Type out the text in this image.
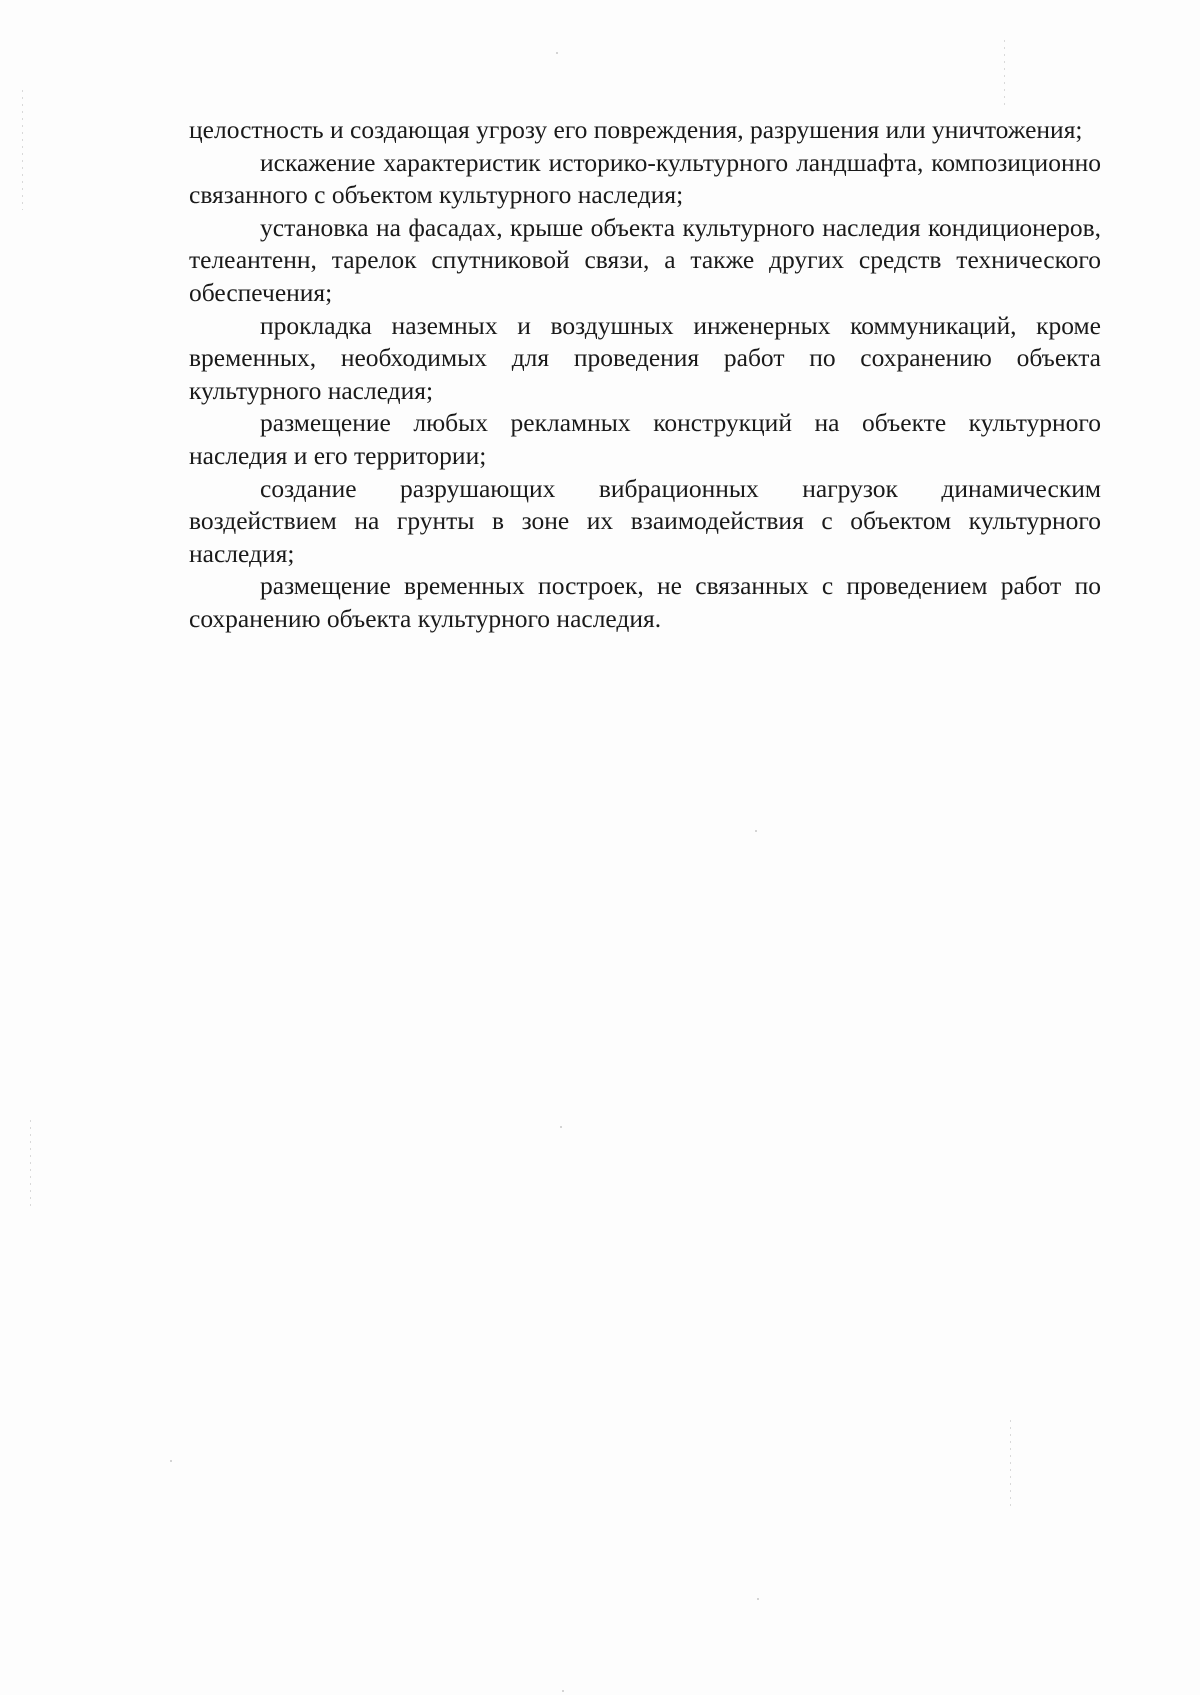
целостность и создающая угрозу его повреждения, разрушения или уничтожения;

искажение характеристик историко-культурного ландшафта, композиционно связанного с объектом культурного наследия;

установка на фасадах, крыше объекта культурного наследия кондиционеров, телеантенн, тарелок спутниковой связи, а также других средств технического обеспечения;

прокладка наземных и воздушных инженерных коммуникаций, кроме временных, необходимых для проведения работ по сохранению объекта культурного наследия;

размещение любых рекламных конструкций на объекте культурного наследия и его территории;

создание разрушающих вибрационных нагрузок динамическим воздействием на грунты в зоне их взаимодействия с объектом культурного наследия;

размещение временных построек, не связанных с проведением работ по сохранению объекта культурного наследия.
